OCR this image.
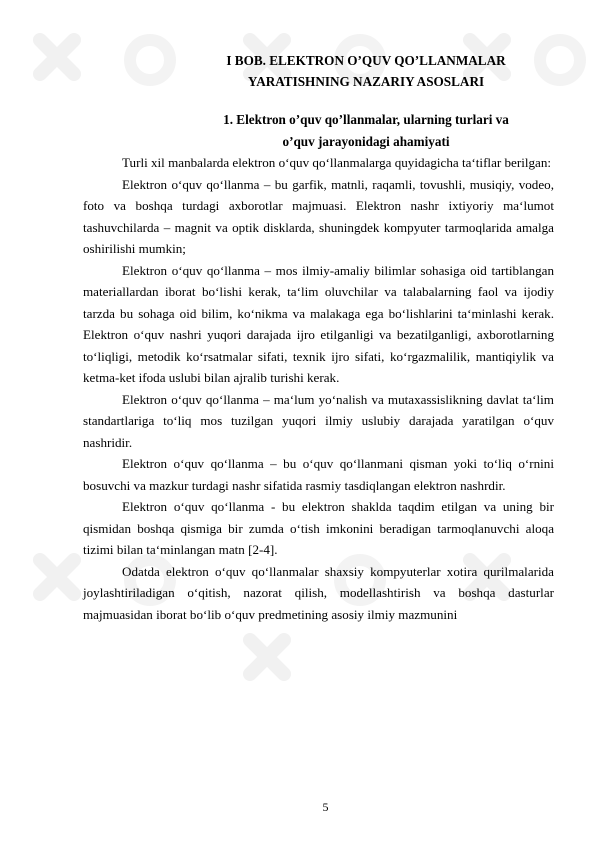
I BOB. ELEKTRON O’QUV QO’LLANMALAR
YARATISHNING NAZARIY ASOSLARI
1. Elektron o’quv qo’llanmalar, ularning turlari va
o’quv jarayonidagi ahamiyati

Turli xil manbalarda elektron o‘quv qo‘llanmalarga quyidagicha ta‘tiflar berilgan:

Elektron o‘quv qo‘llanma – bu garfik, matnli, raqamli, tovushli, musiqiy, vodeo, foto va boshqa turdagi axborotlar majmuasi. Elektron nashr ixtiyoriy ma‘lumot tashuvchilarda – magnit va optik disklarda, shuningdek kompyuter tarmoqlarida amalga oshirilishi mumkin;

Elektron o‘quv qo‘llanma – mos ilmiy-amaliy bilimlar sohasiga oid tartiblangan materiallardan iborat bo‘lishi kerak, ta‘lim oluvchilar va talabalarning faol va ijodiy tarzda bu sohaga oid bilim, ko‘nikma va malakaga ega bo‘lishlarini ta‘minlashi kerak. Elektron o‘quv nashri yuqori darajada ijro etilganligi va bezatilganligi, axborotlarning to‘liqligi, metodik ko‘rsatmalar sifati, texnik ijro sifati, ko‘rgazmalilik, mantiqiylik va ketma-ket ifoda uslubi bilan ajralib turishi kerak.

Elektron o‘quv qo‘llanma – ma‘lum yo‘nalish va mutaxassislikning davlat ta‘lim standartlariga to‘liq mos tuzilgan yuqori ilmiy uslubiy darajada yaratilgan o‘quv nashridir.

Elektron o‘quv qo‘llanma – bu o‘quv qo‘llanmani qisman yoki to‘liq o‘rnini bosuvchi va mazkur turdagi nashr sifatida rasmiy tasdiqlangan elektron nashrdir.

Elektron o‘quv qo‘llanma - bu elektron shaklda taqdim etilgan va uning bir qismidan boshqa qismiga bir zumda o‘tish imkonini beradigan tarmoqlanuvchi aloqa tizimi bilan ta‘minlangan matn [2-4].

Odatda elektron o‘quv qo‘llanmalar shaxsiy kompyuterlar xotira qurilmalarida joylashtiriladigan o‘qitish, nazorat qilish, modellashtirish va boshqa dasturlar majmuasidan iborat bo‘lib o‘quv predmetining asosiy ilmiy mazmunini

5
